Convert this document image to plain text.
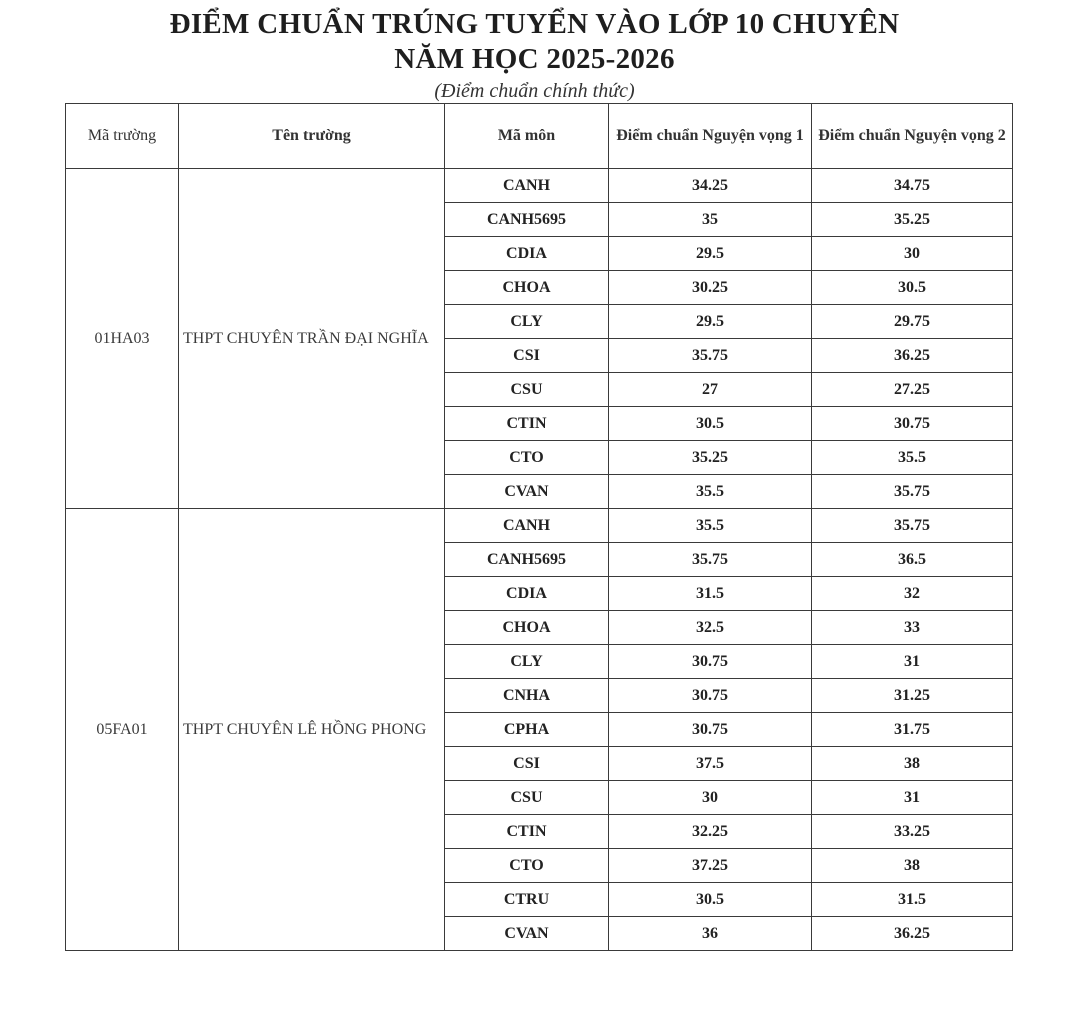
ĐIỂM CHUẨN TRÚNG TUYỂN VÀO LỚP 10 CHUYÊN
NĂM HỌC 2025-2026
(Điểm chuẩn chính thức)
Mã trường	Tên trường	Mã môn	Điểm chuẩn Nguyện vọng 1	Điểm chuẩn Nguyện vọng 2
01HA03	THPT CHUYÊN TRẦN ĐẠI NGHĨA	CANH	34.25	34.75
		CANH5695	35	35.25
		CDIA	29.5	30
		CHOA	30.25	30.5
		CLY	29.5	29.75
		CSI	35.75	36.25
		CSU	27	27.25
		CTIN	30.5	30.75
		CTO	35.25	35.5
		CVAN	35.5	35.75
05FA01	THPT CHUYÊN LÊ HỒNG PHONG	CANH	35.5	35.75
		CANH5695	35.75	36.5
		CDIA	31.5	32
		CHOA	32.5	33
		CLY	30.75	31
		CNHA	30.75	31.25
		CPHA	30.75	31.75
		CSI	37.5	38
		CSU	30	31
		CTIN	32.25	33.25
		CTO	37.25	38
		CTRU	30.5	31.5
		CVAN	36	36.25
